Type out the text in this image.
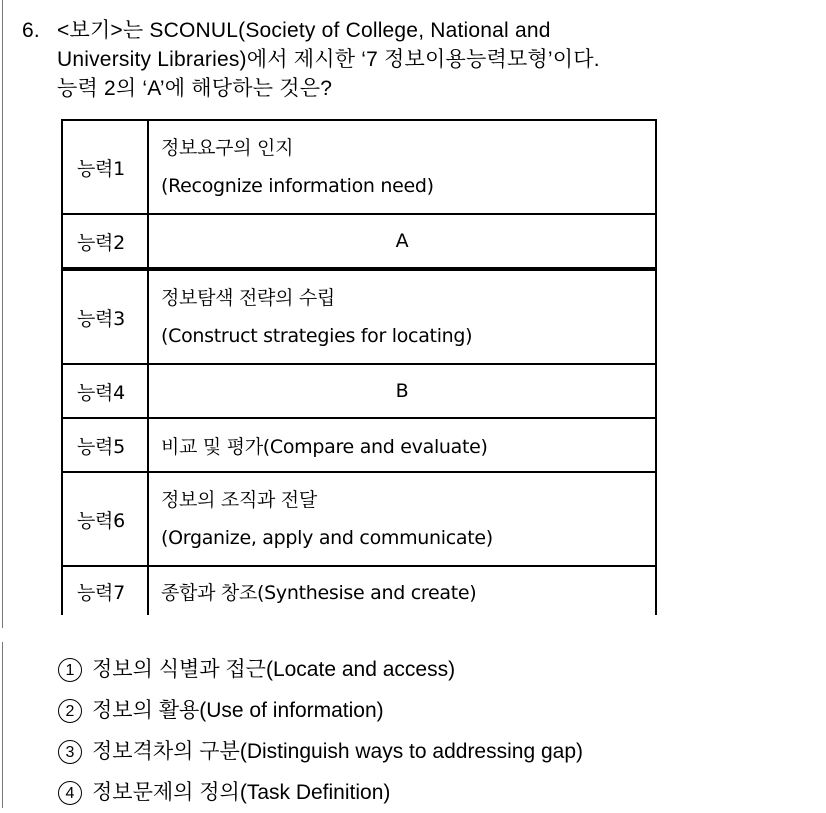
6. <보기>는 SCONUL(Society of College, National and
University Libraries)에서 제시한 ‘7 정보이용능력모형’이다.
능력 2의 ‘A’에 해당하는 것은?
능력1	정보요구의 인지
(Recognize information need)

능력2	A
능력3	정보탐색 전략의 수립
(Construct strategies for locating)

능력4	B
능력5	비교 및 평가(Compare and evaluate)
능력6	정보의 조직과 전달
(Organize, apply and communicate)

능력7	종합과 창조(Synthesise and create)
1 정보의 식별과 접근(Locate and access)
2 정보의 활용(Use of information)
3 정보격차의 구분(Distinguish ways to addressing gap)
4 정보문제의 정의(Task Definition)
